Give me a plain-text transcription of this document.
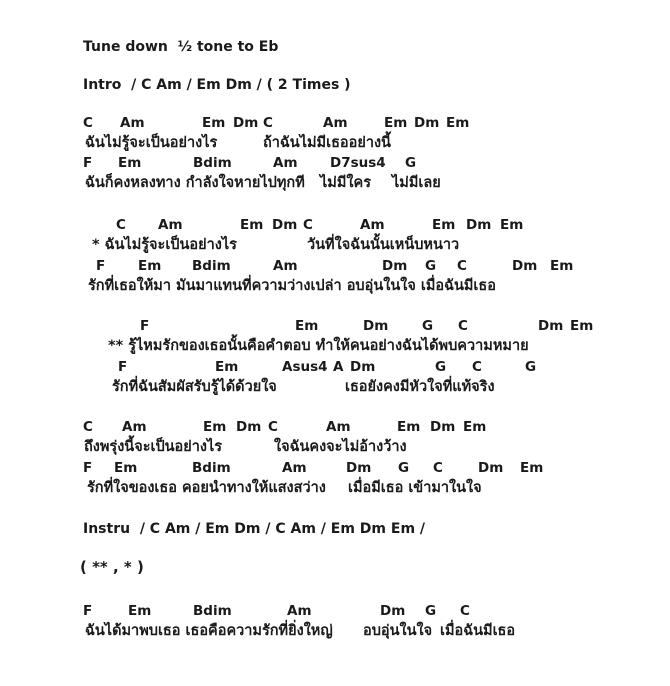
Tune down  ½ tone to Eb
Intro  / C Am / Em Dm / ( 2 Times )
C Am	Em Dm C	Am	Em Dm Em
ฉันไม่รู้จะเป็นอย่างไร	ถ้าฉันไม่มีเธออย่างนี้
F Em	Bdim	Am D7sus4 G
ฉันก็คงหลงทาง กำลังใจหายไปทุกที ไม่มีใคร ไม่มีเลย
C Am	Em Dm C	Am	Em Dm Em
* ฉันไม่รู้จะเป็นอย่างไร	วันที่ใจฉันนั้นเหน็บหนาว
F Em Bdim	Am	Dm G C	Dm Em
รักที่เธอให้มา มันมาแทนที่ความว่างเปล่า อบอุ่นในใจ เมื่อฉันมีเธอ
F	Em	Dm G C	Dm Em
** รู้ไหมรักของเธอนั้นคือคำตอบ ทำให้คนอย่างฉันได้พบความหมาย
F	Em	Asus4 A Dm	G C	G
รักที่ฉันสัมผัสรับรู้ได้ด้วยใจ	เธอยังคงมีหัวใจที่แท้จริง
C Am	Em Dm C	Am	Em Dm Em
ถึงพรุ่งนี้จะเป็นอย่างไร	ใจฉันคงจะไม่อ้างว้าง
F Em	Bdim	Am	Dm G C	Dm Em
รักที่ใจของเธอ คอยนำทางให้แสงสว่าง เมื่อมีเธอ เข้ามาในใจ
F	Em	Bdim	Am	Dm G C
ฉันได้มาพบเธอ เธอคือความรักที่ยิ่งใหญ่ อบอุ่นในใจ เมื่อฉันมีเธอ
Instru  / C Am / Em Dm / C Am / Em Dm Em /
( ** , * )
